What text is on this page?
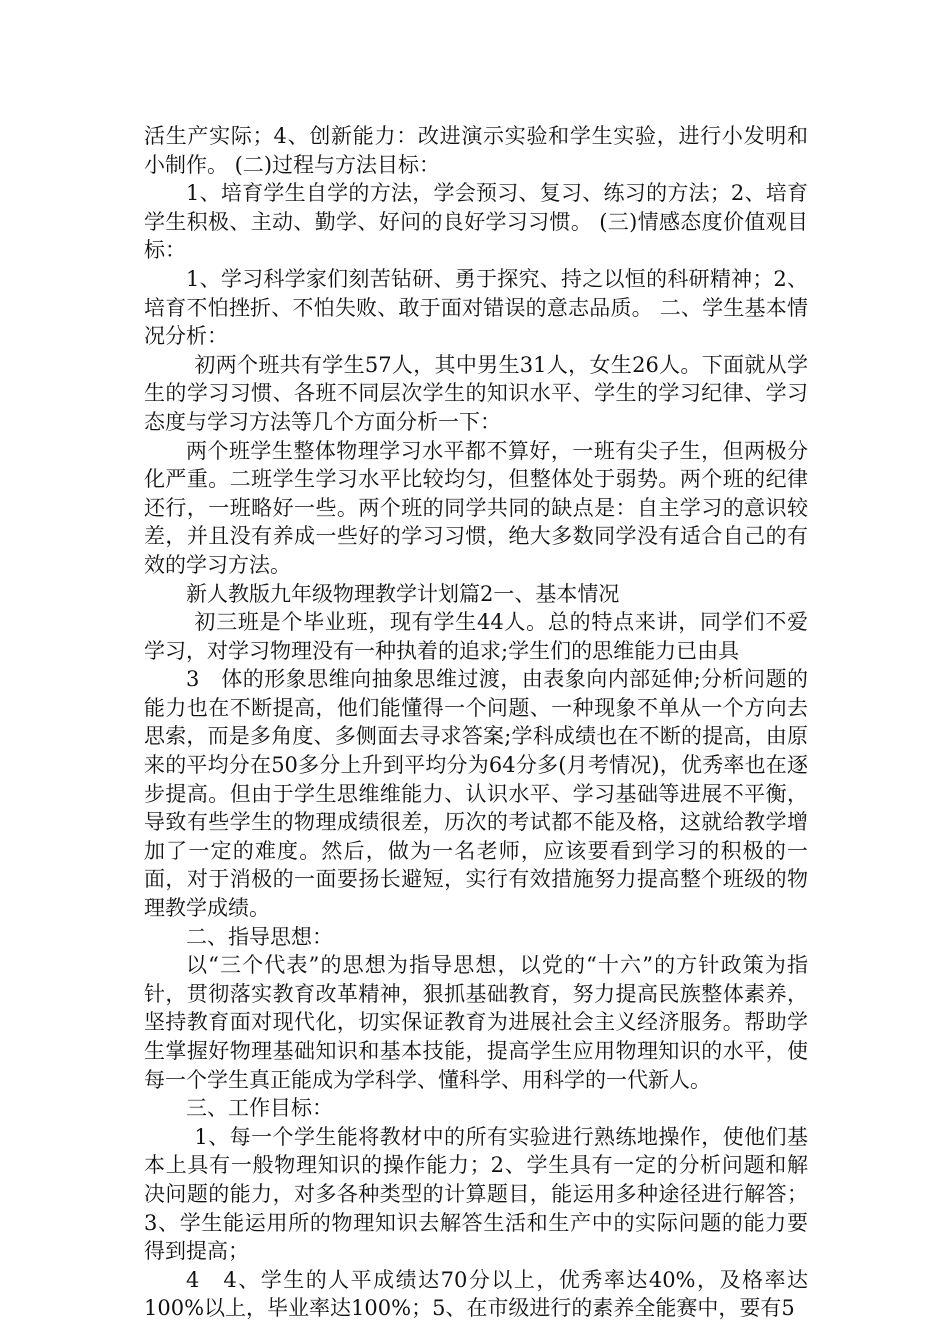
活生产实际；4、创新能力：改进演示实验和学生实验，进行小发明和小制作。 (二)过程与方法目标：

1、培育学生自学的方法，学会预习、复习、练习的方法；2、培育学生积极、主动、勤学、好问的良好学习习惯。 (三)情感态度价值观目标：

1、学习科学家们刻苦钻研、勇于探究、持之以恒的科研精神；2、培育不怕挫折、不怕失败、敢于面对错误的意志品质。 二、学生基本情况分析：

初两个班共有学生57人，其中男生31人，女生26人。下面就从学生的学习习惯、各班不同层次学生的知识水平、学生的学习纪律、学习态度与学习方法等几个方面分析一下：

两个班学生整体物理学习水平都不算好，一班有尖子生，但两极分化严重。二班学生学习水平比较均匀，但整体处于弱势。两个班的纪律还行，一班略好一些。两个班的同学共同的缺点是：自主学习的意识较差，并且没有养成一些好的学习习惯，绝大多数同学没有适合自己的有效的学习方法。

新人教版九年级物理教学计划篇2一、基本情况

初三班是个毕业班，现有学生44人。总的特点来讲，同学们不爱学习，对学习物理没有一种执着的追求;学生们的思维能力已由具

3　体的形象思维向抽象思维过渡，由表象向内部延伸;分析问题的能力也在不断提高，他们能懂得一个问题、一种现象不单从一个方向去思索，而是多角度、多侧面去寻求答案;学科成绩也在不断的提高，由原来的平均分在50多分上升到平均分为64分多(月考情况)，优秀率也在逐步提高。但由于学生思维维能力、认识水平、学习基础等进展不平衡，导致有些学生的物理成绩很差，历次的考试都不能及格，这就给教学增加了一定的难度。然后，做为一名老师，应该要看到学习的积极的一面，对于消极的一面要扬长避短，实行有效措施努力提高整个班级的物理教学成绩。

二、指导思想：

以“三个代表”的思想为指导思想，以党的“十六”的方针政策为指针，贯彻落实教育改革精神，狠抓基础教育，努力提高民族整体素养，坚持教育面对现代化，切实保证教育为进展社会主义经济服务。帮助学生掌握好物理基础知识和基本技能，提高学生应用物理知识的水平，使每一个学生真正能成为学科学、懂科学、用科学的一代新人。

三、工作目标：

1、每一个学生能将教材中的所有实验进行熟练地操作，使他们基本上具有一般物理知识的操作能力；2、学生具有一定的分析问题和解决问题的能力，对多各种类型的计算题目，能运用多种途径进行解答；3、学生能运用所的物理知识去解答生活和生产中的实际问题的能力要得到提高；

4　4、学生的人平成绩达70分以上，优秀率达40%，及格率达100%以上，毕业率达100%；5、在市级进行的素养全能赛中，要有5
